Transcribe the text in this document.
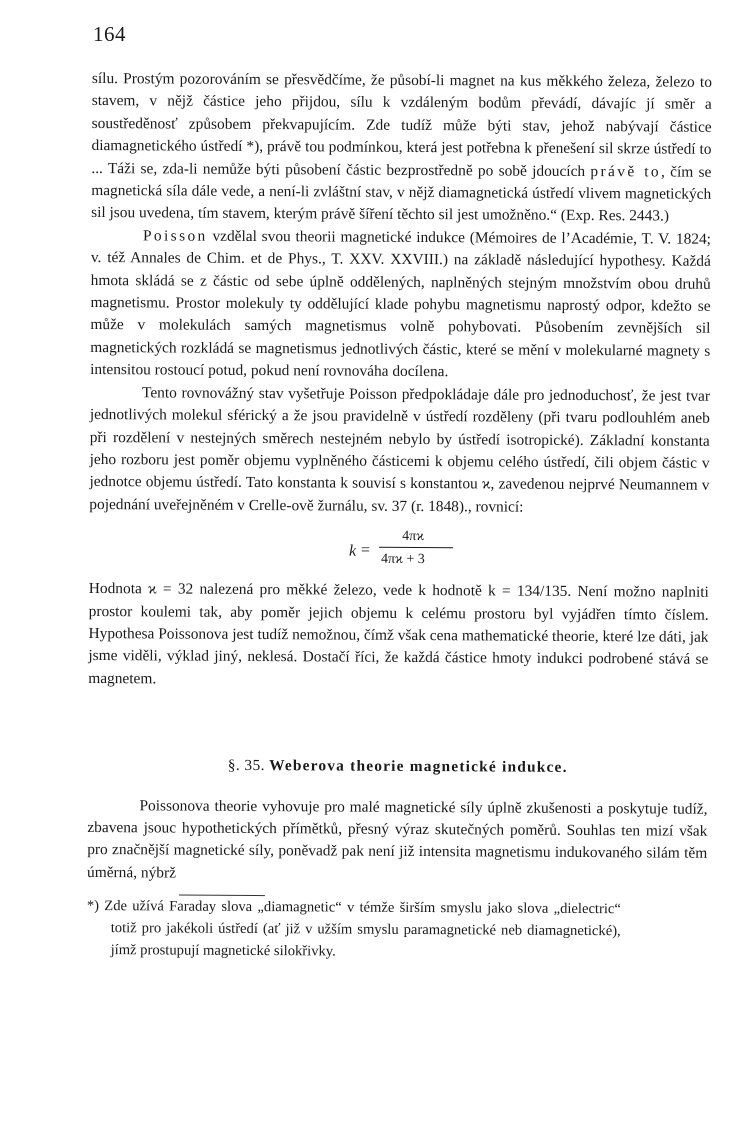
164

sílu. Prostým pozorováním se přesvědčíme, že působí-li magnet na kus měkkého železa, železo to stavem, v nějž částice jeho přijdou, sílu k vzdáleným bodům převádí, dávajíc jí směr a soustředěnosť způsobem překvapujícím. Zde tudíž může býti stav, jehož nabývají částice diamagnetického ústředí *), právě tou podmínkou, která jest potřebna k přenešení sil skrze ústředí to ... Táži se, zda-li nemůže býti působení částic bezprostředně po sobě jdoucích právě to, čím se magnetická síla dále vede, a není-li zvláštní stav, v nějž diamagnetická ústředí vlivem magnetických sil jsou uvedena, tím stavem, kterým právě šíření těchto sil jest umožněno.“ (Exp. Res. 2443.)

Poisson vzdělal svou theorii magnetické indukce (Mémoires de l’Académie, T. V. 1824; v. též Annales de Chim. et de Phys., T. XXV. XXVIII.) na základě následující hypothesy. Každá hmota skládá se z částic od sebe úplně oddělených, naplněných stejným množstvím obou druhů magnetismu. Prostor molekuly ty oddělující klade pohybu magnetismu naprostý odpor, kdežto se může v molekulách samých magnetismus volně pohybovati. Působením zevnějších sil magnetických rozkládá se magnetismus jednotlivých částic, které se mění v molekularné magnety s intensitou rostoucí potud, pokud není rovnováha docílena.

Tento rovnovážný stav vyšetřuje Poisson předpokládaje dále pro jednoduchosť, že jest tvar jednotlivých molekul sférický a že jsou pravidelně v ústředí rozděleny (při tvaru podlouhlém aneb při rozdělení v nestejných směrech nestejném nebylo by ústředí isotropické). Základní konstanta jeho rozboru jest poměr objemu vyplněného částicemi k objemu celého ústředí, čili objem částic v jednotce objemu ústředí. Tato konstanta k souvisí s konstantou ϰ, zavedenou nejprvé Neumannem v pojednání uveřejněném v Crelle-ově žurnálu, sv. 37 (r. 1848)., rovnicí:

k =
4πϰ
4πϰ + 3

Hodnota ϰ = 32 nalezená pro měkké železo, vede k hodnotě k = 134/135. Není možno naplniti prostor koulemi tak, aby poměr jejich objemu k celému prostoru byl vyjádřen tímto číslem. Hypothesa Poissonova jest tudíž nemožnou, čímž však cena mathematické theorie, které lze dáti, jak jsme viděli, výklad jiný, neklesá. Dostačí říci, že každá částice hmoty indukci podrobené stává se magnetem.

§. 35. Weberova theorie magnetické indukce.

Poissonova theorie vyhovuje pro malé magnetické síly úplně zkušenosti a poskytuje tudíž, zbavena jsouc hypothetických přímětků, přesný výraz skutečných poměrů. Souhlas ten mizí však pro značnější magnetické síly, poněvadž pak není již intensita magnetismu indukovaného silám těm úměrná, nýbrž

*) Zde užívá Faraday slova „diamagnetic“ v témže širším smyslu jako slova „dielectric“ totiž pro jakékoli ústředí (ať již v užším smyslu paramagnetické neb diamagnetické), jímž prostupují magnetické silokřivky.
